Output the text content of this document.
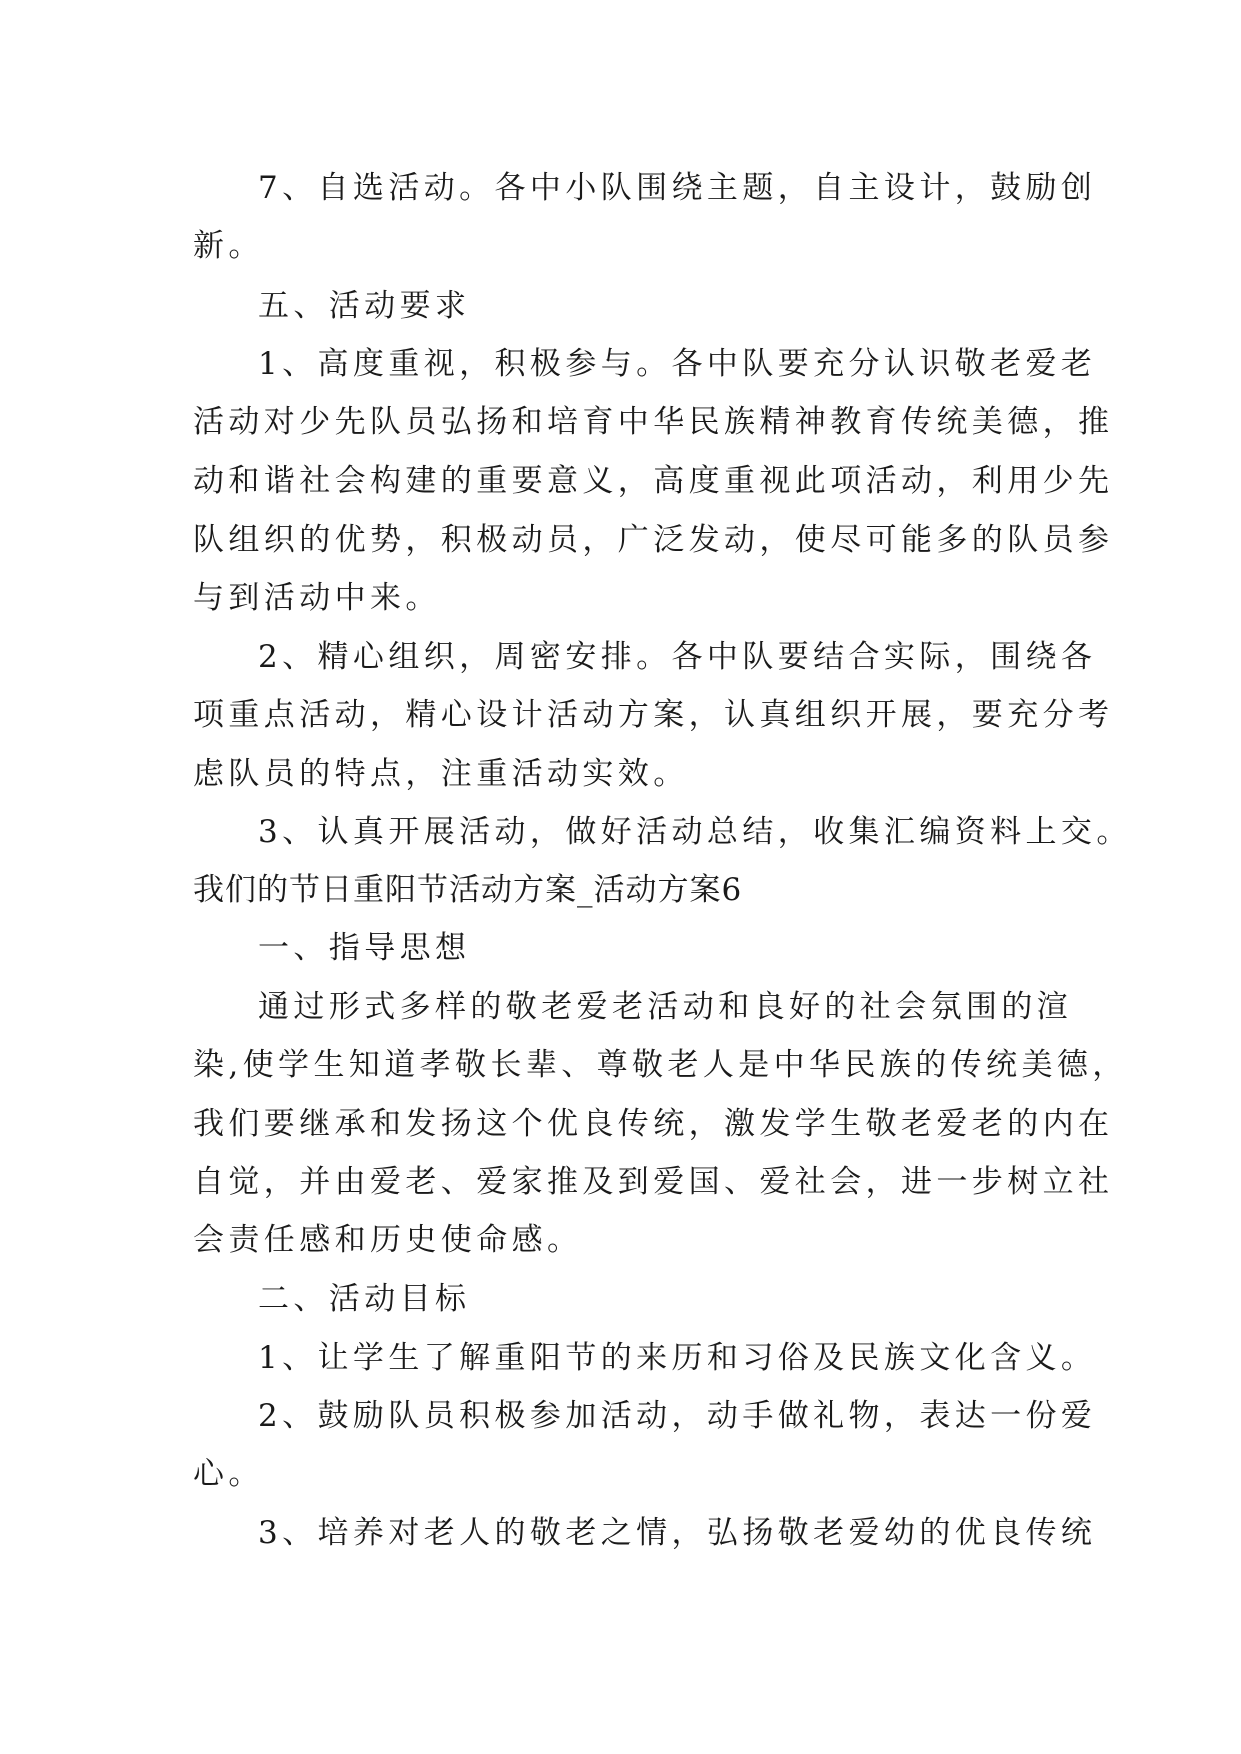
7、自选活动。各中小队围绕主题，自主设计，鼓励创
新。
五、活动要求
1、高度重视，积极参与。各中队要充分认识敬老爱老
活动对少先队员弘扬和培育中华民族精神教育传统美德，推
动和谐社会构建的重要意义，高度重视此项活动，利用少先
队组织的优势，积极动员，广泛发动，使尽可能多的队员参
与到活动中来。
2、精心组织，周密安排。各中队要结合实际，围绕各
项重点活动，精心设计活动方案，认真组织开展，要充分考
虑队员的特点，注重活动实效。
3、认真开展活动，做好活动总结，收集汇编资料上交。
我们的节日重阳节活动方案_活动方案6
一、指导思想
通过形式多样的敬老爱老活动和良好的社会氛围的渲
染,使学生知道孝敬长辈、尊敬老人是中华民族的传统美德，
我们要继承和发扬这个优良传统，激发学生敬老爱老的内在
自觉，并由爱老、爱家推及到爱国、爱社会，进一步树立社
会责任感和历史使命感。
二、活动目标
1、让学生了解重阳节的来历和习俗及民族文化含义。
2、鼓励队员积极参加活动，动手做礼物，表达一份爱
心。
3、培养对老人的敬老之情，弘扬敬老爱幼的优良传统
